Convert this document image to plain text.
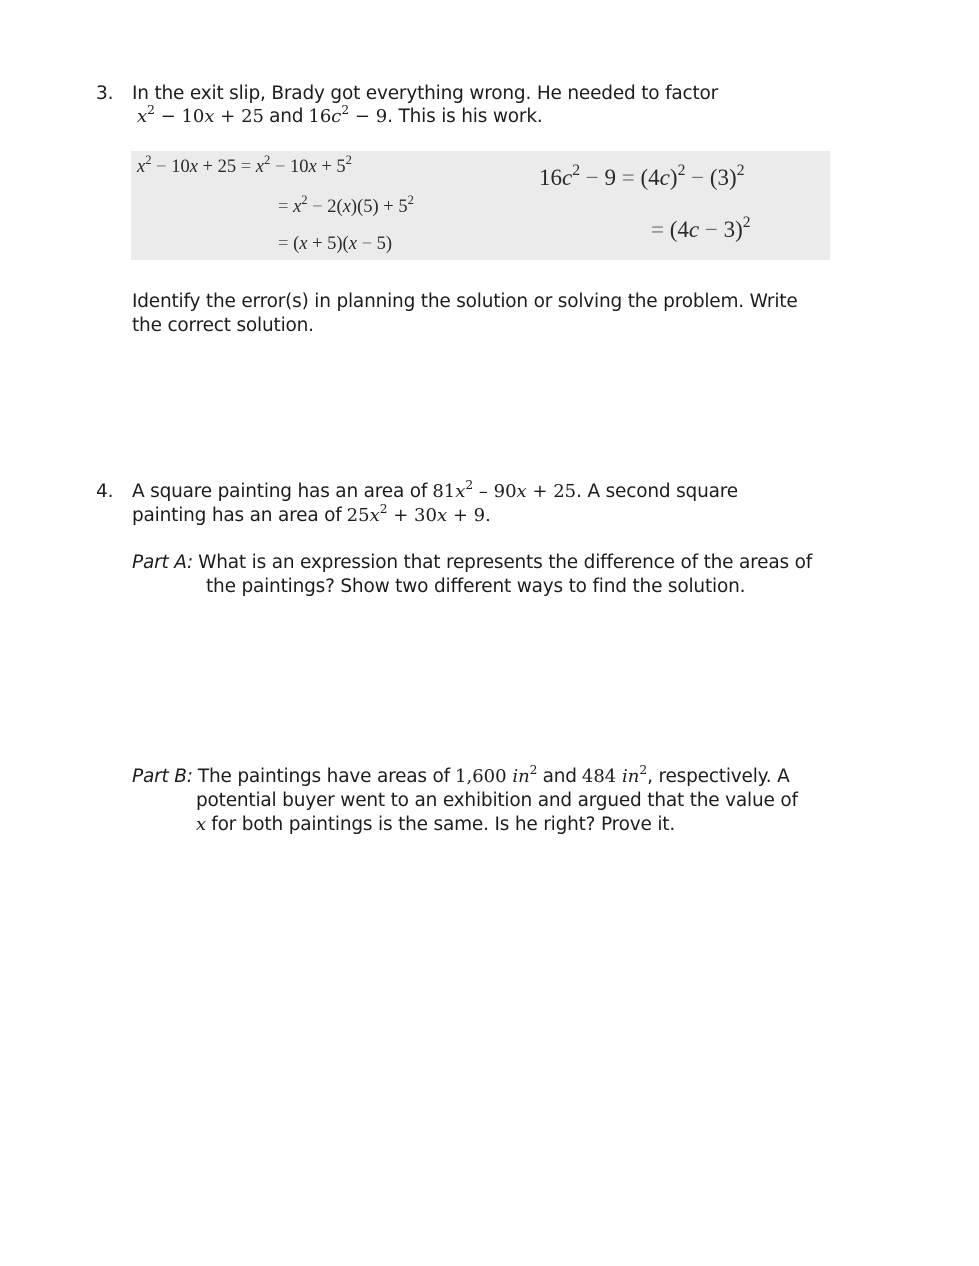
3. In the exit slip, Brady got everything wrong. He needed to factor
$x^2 - 10x + 25$ and $16c^2 - 9$. This is his work.
$x^2 - 10x + 25 = x^2 - 10x + 5^2$
= $x^2 - 2(x)(5) + 5^2$
= (x + 5)(x − 5)
$16c^2 - 9 = (4c)^2 - (3)^2$
= $(4c - 3)^2$
Identify the error(s) in planning the solution or solving the problem. Write
the correct solution.
4. A square painting has an area of $81x^2 - 90x + 25$. A second square
painting has an area of $25x^2 + 30x + 9$.
Part A: What is an expression that represents the difference of the areas of
the paintings? Show two different ways to find the solution.
Part B: The paintings have areas of 1,600 $in^2$ and 484 $in^2$, respectively. A
potential buyer went to an exhibition and argued that the value of
x for both paintings is the same. Is he right? Prove it.
